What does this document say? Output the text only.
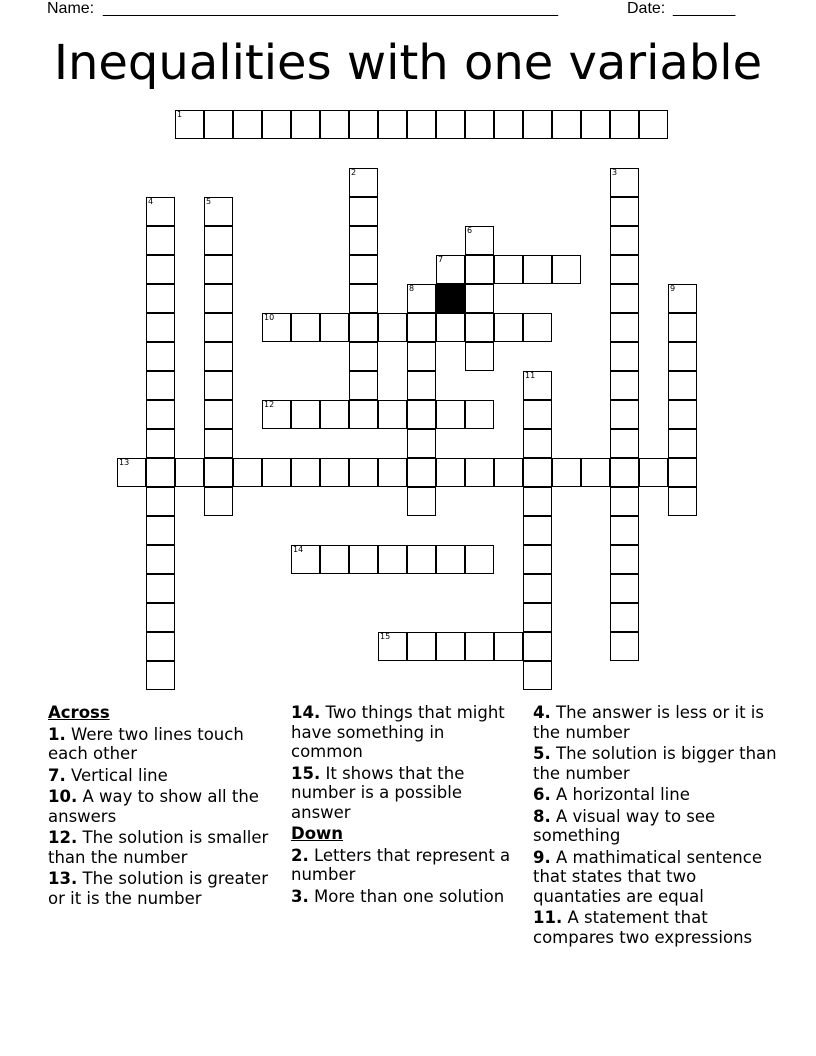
Name: ____________________________________________________	Date: _______
Inequalities with one variable
1
2	3
4	5
6
7
8	9
10
11
12
13
14
15
Across
1. Were two lines touch each other
7. Vertical line
10. A way to show all the answers
12. The solution is smaller than the number
13. The solution is greater or it is the number
14. Two things that might have something in common
15. It shows that the number is a possible answer
Down
2. Letters that represent a number
3. More than one solution
4. The answer is less or it is the number
5. The solution is bigger than the number
6. A horizontal line
8. A visual way to see something
9. A mathimatical sentence that states that two quantaties are equal
11. A statement that compares two expressions
